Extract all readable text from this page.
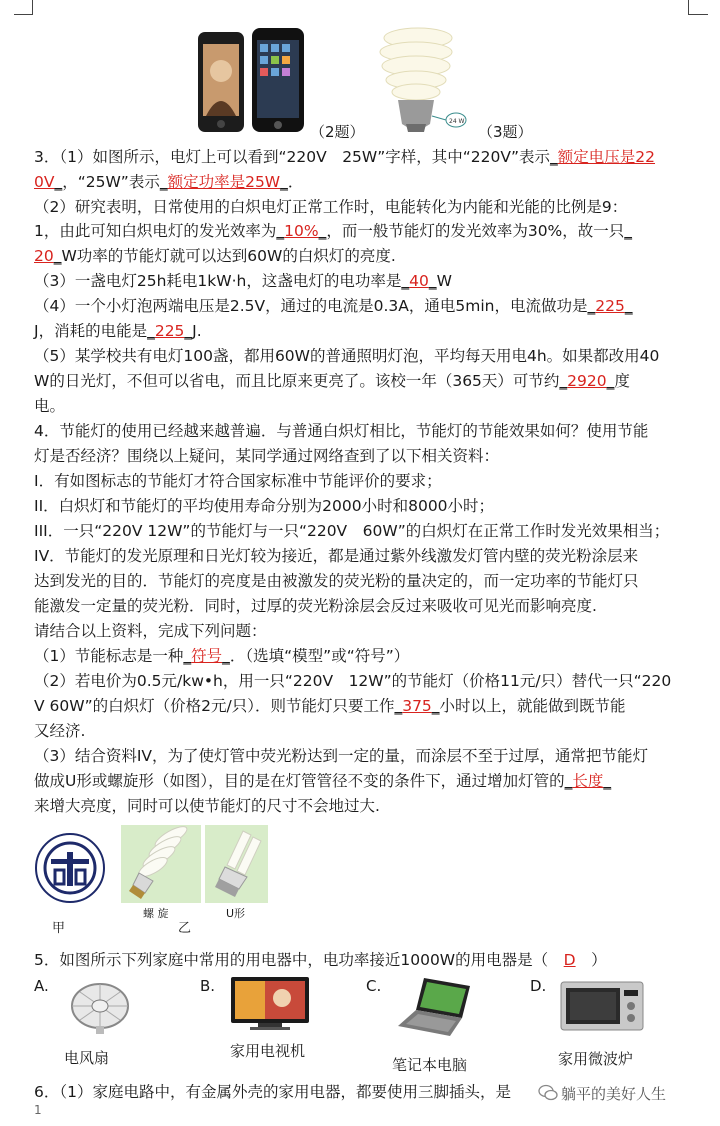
（2题）
24 W
（3题）
3．（1）如图所示，电灯上可以看到“220V　25W”字样，其中“220V”表示_额定电压是22
0V_，“25W”表示_额定功率是25W_．
（2）研究表明，日常使用的白炽电灯正常工作时，电能转化为内能和光能的比例是9：
1，由此可知白炽电灯的发光效率为_10%_，而一般节能灯的发光效率为30%，故一只_
20_W功率的节能灯就可以达到60W的白炽灯的亮度.
（3）一盏电灯25h耗电1kW·h，这盏电灯的电功率是_40_W
（4）一个小灯泡两端电压是2.5V，通过的电流是0.3A，通电5min，电流做功是_225_
J，消耗的电能是_225_J.
（5）某学校共有电灯100盏，都用60W的普通照明灯泡，平均每天用电4h。如果都改用40
W的日光灯，不但可以省电，而且比原来更亮了。该校一年（365天）可节约_2920_度
电。
4．节能灯的使用已经越来越普遍．与普通白炽灯相比，节能灯的节能效果如何？使用节能
灯是否经济？围绕以上疑问，某同学通过网络查到了以下相关资料：
I．有如图标志的节能灯才符合国家标准中节能评价的要求；
II．白炽灯和节能灯的平均使用寿命分别为2000小时和8000小时；
III．一只“220V 12W”的节能灯与一只“220V　60W”的白炽灯在正常工作时发光效果相当；
IV．节能灯的发光原理和日光灯较为接近，都是通过紫外线激发灯管内壁的荧光粉涂层来
达到发光的目的．节能灯的亮度是由被激发的荧光粉的量决定的，而一定功率的节能灯只
能激发一定量的荧光粉．同时，过厚的荧光粉涂层会反过来吸收可见光而影响亮度.
请结合以上资料，完成下列问题：
（1）节能标志是一种_符号_．（选填“模型”或“符号”）
（2）若电价为0.5元/kw•h，用一只“220V　12W”的节能灯（价格11元/只）替代一只“220
V 60W”的白炽灯（价格2元/只）．则节能灯只要工作_375_小时以上，就能做到既节能
又经济.
（3）结合资料IV，为了使灯管中荧光粉达到一定的量，而涂层不至于过厚，通常把节能灯
做成U形或螺旋形（如图），目的是在灯管管径不变的条件下，通过增加灯管的_长度_
来增大亮度，同时可以使节能灯的尺寸不会地过大.
甲
螺 旋
乙
U形
5．如图所示下列家庭中常用的用电器中，电功率接近1000W的用电器是（　 D　 ）
A.
电风扇
B.
家用电视机
C.
笔记本电脑
D.
家用微波炉
6．（1）家庭电路中，有金属外壳的家用电器，都要使用三脚插头，是
1
躺平的美好人生
